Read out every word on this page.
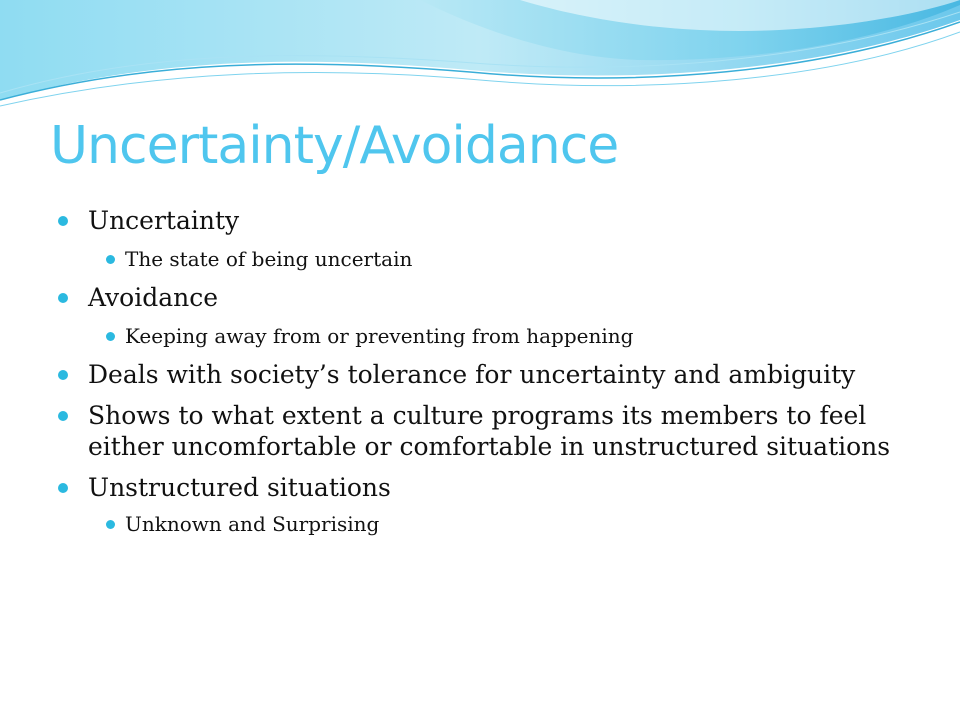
Uncertainty/Avoidance
Uncertainty
The state of being uncertain
Avoidance
Keeping away from or preventing from happening
Deals with society’s tolerance for uncertainty and ambiguity
Shows to what extent a culture programs its members to feel either uncomfortable or comfortable in unstructured situations
Unstructured situations
Unknown and Surprising
